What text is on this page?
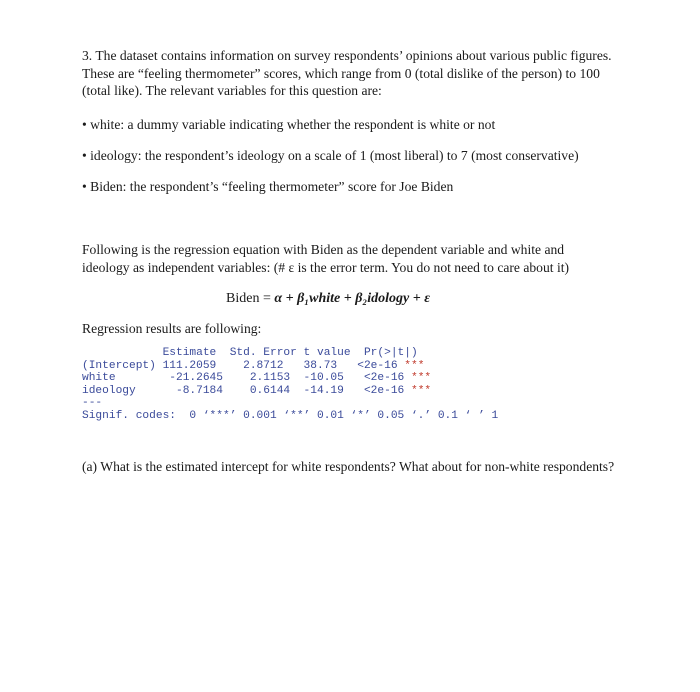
3. The dataset contains information on survey respondents’ opinions about various public figures.
These are “feeling thermometer” scores, which range from 0 (total dislike of the person) to 100
(total like). The relevant variables for this question are:
• white: a dummy variable indicating whether the respondent is white or not
• ideology: the respondent’s ideology on a scale of 1 (most liberal) to 7 (most conservative)
• Biden: the respondent’s “feeling thermometer” score for Joe Biden
Following is the regression equation with Biden as the dependent variable and white and
ideology as independent variables: (# ε is the error term. You do not need to care about it)
Biden = α + β₁white + β₂idology + ε
Regression results are following:
Estimate  Std. Error t value  Pr(>|t|)
(Intercept) 111.2059    2.8712   38.73   <2e-16 ***
white        -21.2645    2.1153  -10.05   <2e-16 ***
ideology      -8.7184    0.6144  -14.19   <2e-16 ***
---
Signif. codes:  0 ‘***’ 0.001 ‘**’ 0.01 ‘*’ 0.05 ‘.’ 0.1 ‘ ’ 1
(a) What is the estimated intercept for white respondents? What about for non-white respondents?
